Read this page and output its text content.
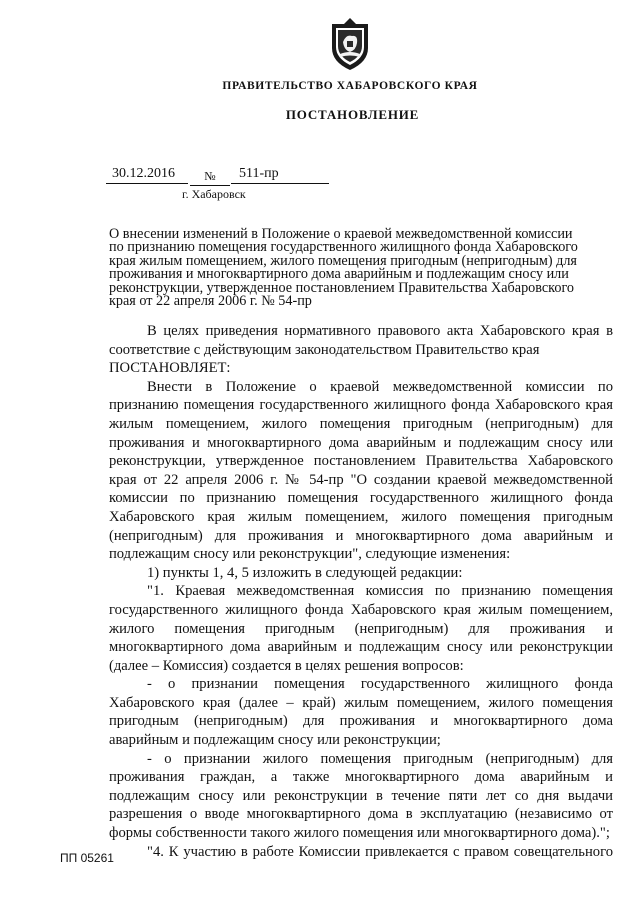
ПРАВИТЕЛЬСТВО ХАБАРОВСКОГО КРАЯ
ПОСТАНОВЛЕНИЕ
30.12.2016	№	511-пр
г. Хабаровск
О внесении изменений в Положение о краевой межведомственной комиссии
по признанию помещения государственного жилищного фонда Хабаровского
края жилым помещением, жилого помещения пригодным (непригодным) для
проживания и многоквартирного дома аварийным и подлежащим сносу или
реконструкции, утвержденное постановлением Правительства Хабаровского
края от 22 апреля 2006 г. № 54-пр

В целях приведения нормативного правового акта Хабаровского края в соответствие с действующим законодательством Правительство края

ПОСТАНОВЛЯЕТ:

Внести в Положение о краевой межведомственной комиссии по признанию помещения государственного жилищного фонда Хабаровского края жилым помещением, жилого помещения пригодным (непригодным) для проживания и многоквартирного дома аварийным и подлежащим сносу или реконструкции, утвержденное постановлением Правительства Хабаровского края от 22 апреля 2006 г. № 54-пр "О создании краевой межведомственной комиссии по признанию помещения государственного жилищного фонда Хабаровского края жилым помещением, жилого помещения пригодным (непригодным) для проживания и многоквартирного дома аварийным и подлежащим сносу или реконструкции", следующие изменения:

1) пункты 1, 4, 5 изложить в следующей редакции:

"1. Краевая межведомственная комиссия по признанию помещения государственного жилищного фонда Хабаровского края жилым помещением, жилого помещения пригодным (непригодным) для проживания и многоквартирного дома аварийным и подлежащим сносу или реконструкции (далее – Комиссия) создается в целях решения вопросов:

- о признании помещения государственного жилищного фонда Хабаровского края (далее – край) жилым помещением, жилого помещения пригодным (непригодным) для проживания и многоквартирного дома аварийным и подлежащим сносу или реконструкции;

- о признании жилого помещения пригодным (непригодным) для проживания граждан, а также многоквартирного дома аварийным и подлежащим сносу или реконструкции в течение пяти лет со дня выдачи разрешения о вводе многоквартирного дома в эксплуатацию (независимо от формы собственности такого жилого помещения или многоквартирного дома).";

"4. К участию в работе Комиссии привлекается с правом совещательного

ПП 05261
